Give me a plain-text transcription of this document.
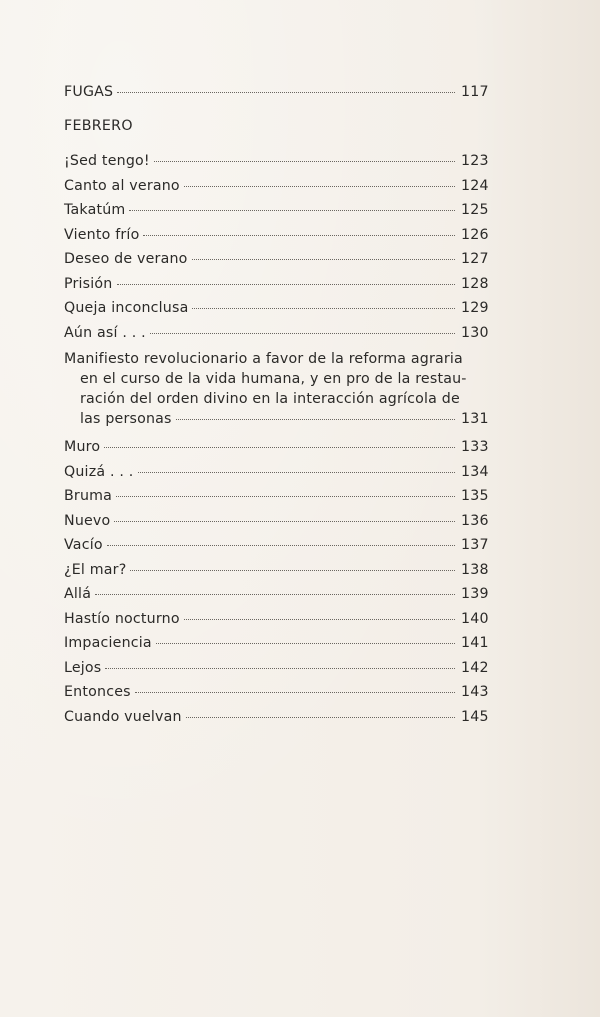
FUGAS	117
FEBRERO
¡Sed tengo!	123
Canto al verano	124
Takatúm	125
Viento frío	126
Deseo de verano	127
Prisión	128
Queja inconclusa	129
Aún así . . .	130
Manifiesto revolucionario a favor de la reforma agraria
en el curso de la vida humana, y en pro de la restau-
ración del orden divino en la interacción agrícola de
las personas	131
Muro	133
Quizá . . .	134
Bruma	135
Nuevo	136
Vacío	137
¿El mar?	138
Allá	139
Hastío nocturno	140
Impaciencia	141
Lejos	142
Entonces	143
Cuando vuelvan	145
